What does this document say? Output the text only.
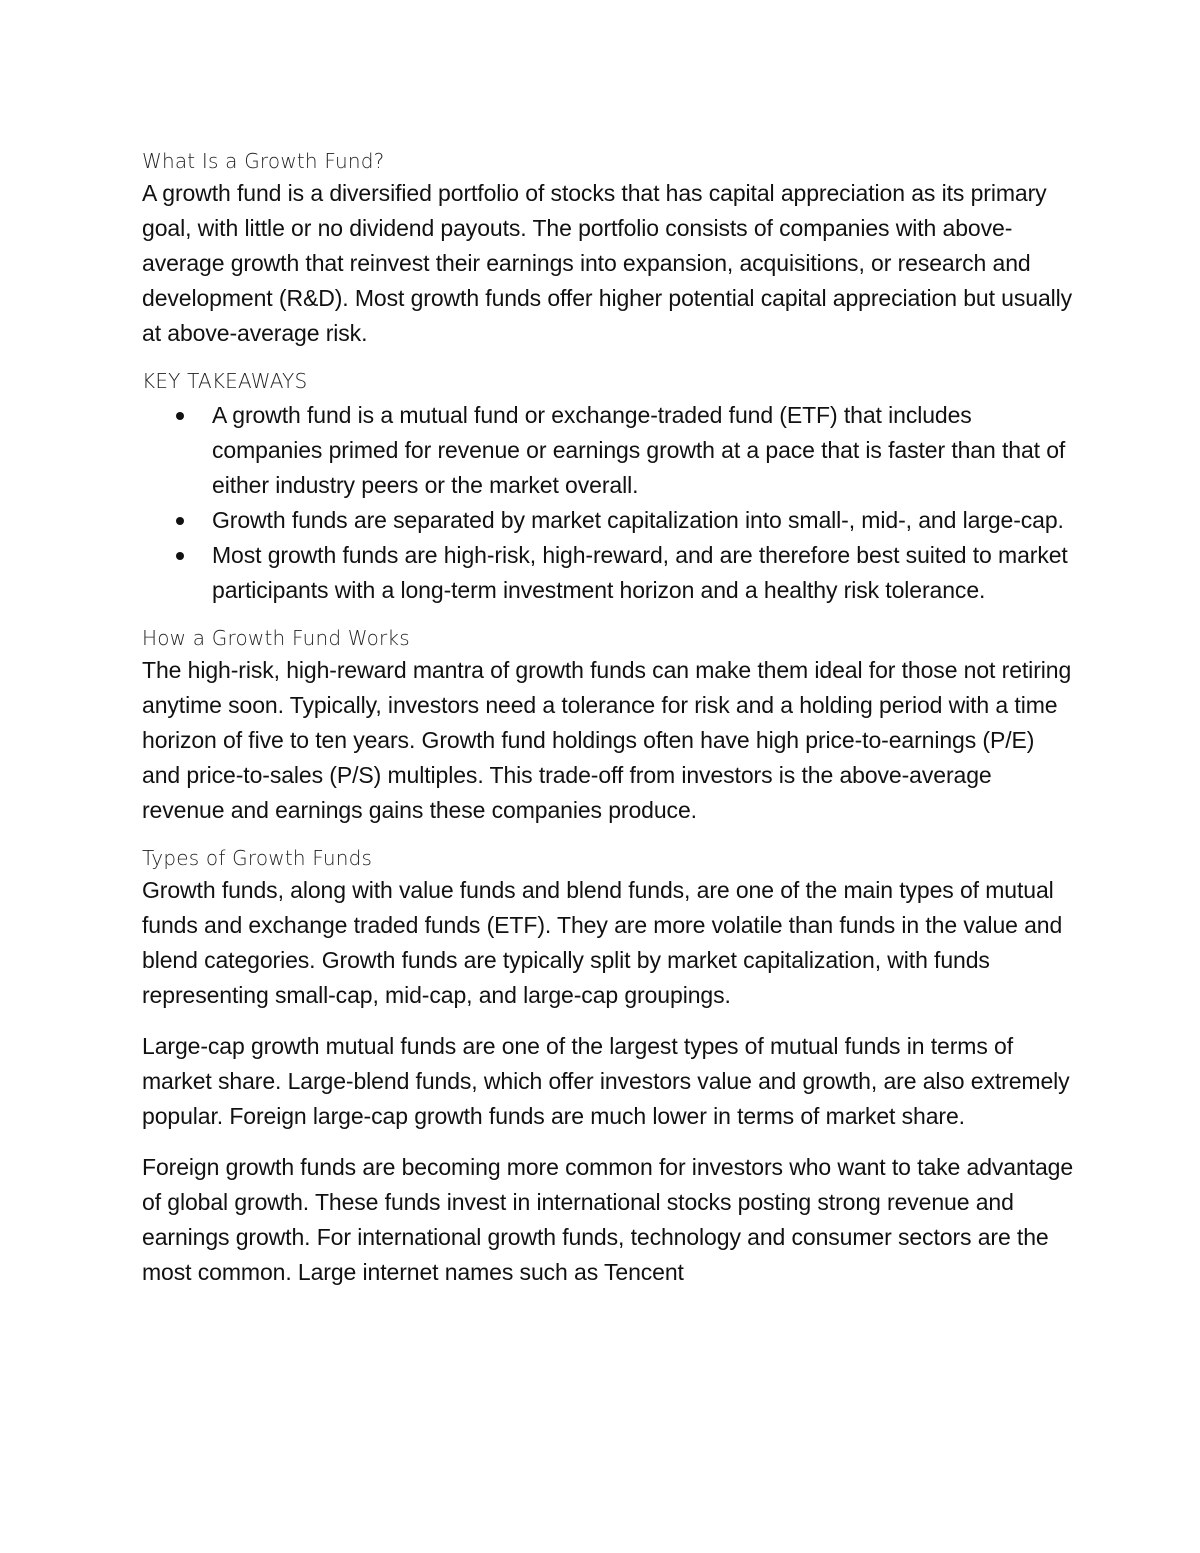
What Is a Growth Fund?

A growth fund is a diversified portfolio of stocks that has capital appreciation as its primary goal, with little or no dividend payouts. The portfolio consists of companies with above-average growth that reinvest their earnings into expansion, acquisitions, or research and development (R&D). Most growth funds offer higher potential capital appreciation but usually at above-average risk.

KEY TAKEAWAYS

A growth fund is a mutual fund or exchange-traded fund (ETF) that includes companies primed for revenue or earnings growth at a pace that is faster than that of either industry peers or the market overall.
Growth funds are separated by market capitalization into small-, mid-, and large-cap.
Most growth funds are high-risk, high-reward, and are therefore best suited to market participants with a long-term investment horizon and a healthy risk tolerance.

How a Growth Fund Works

The high-risk, high-reward mantra of growth funds can make them ideal for those not retiring anytime soon. Typically, investors need a tolerance for risk and a holding period with a time horizon of five to ten years. Growth fund holdings often have high price-to-earnings (P/E) and price-to-sales (P/S) multiples. This trade-off from investors is the above-average revenue and earnings gains these companies produce.

Types of Growth Funds

Growth funds, along with value funds and blend funds, are one of the main types of mutual funds and exchange traded funds (ETF). They are more volatile than funds in the value and blend categories. Growth funds are typically split by market capitalization, with funds representing small-cap, mid-cap, and large-cap groupings.

Large-cap growth mutual funds are one of the largest types of mutual funds in terms of market share. Large-blend funds, which offer investors value and growth, are also extremely popular. Foreign large-cap growth funds are much lower in terms of market share.

Foreign growth funds are becoming more common for investors who want to take advantage of global growth. These funds invest in international stocks posting strong revenue and earnings growth. For international growth funds, technology and consumer sectors are the most common. Large internet names such as Tencent
